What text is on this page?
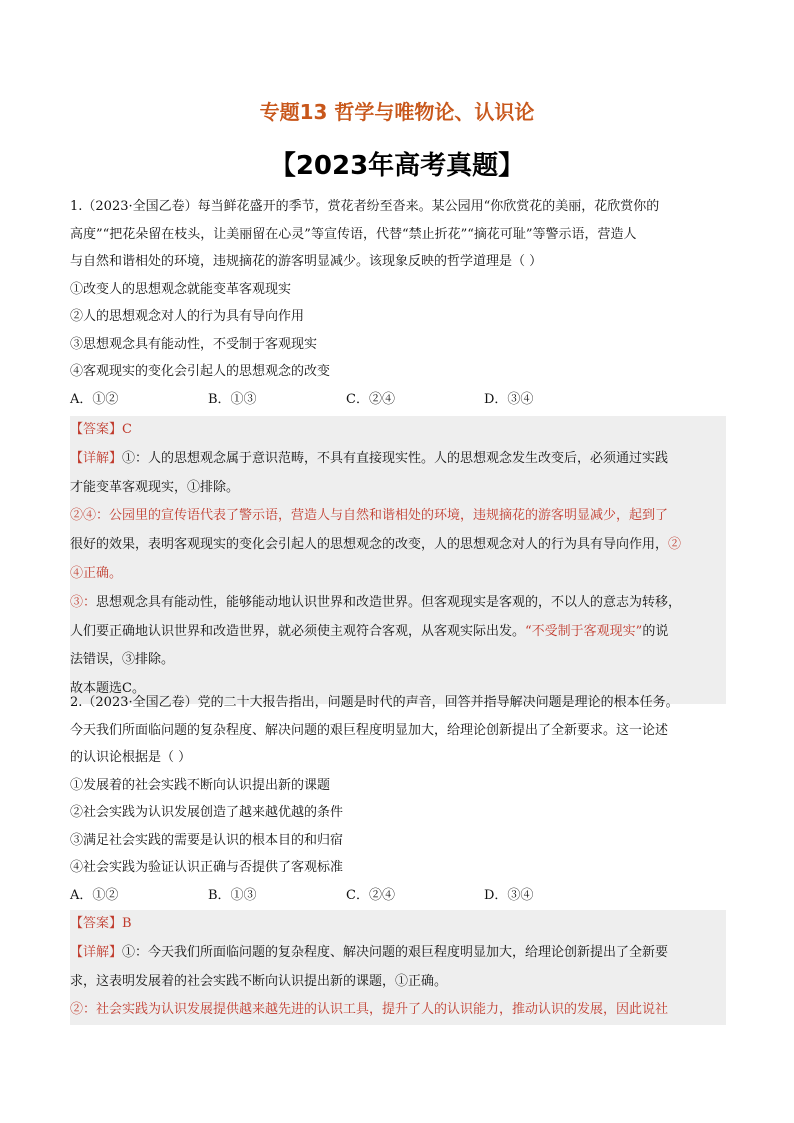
专题13 哲学与唯物论、认识论
【2023年高考真题】
1.（2023·全国乙卷）每当鲜花盛开的季节，赏花者纷至沓来。某公园用“你欣赏花的美丽，花欣赏你的
高度”“把花朵留在枝头，让美丽留在心灵”等宣传语，代替“禁止折花”“摘花可耻”等警示语，营造人
与自然和谐相处的环境，违规摘花的游客明显减少。该现象反映的哲学道理是（ ）
①改变人的思想观念就能变革客观现实
②人的思想观念对人的行为具有导向作用
③思想观念具有能动性，不受制于客观现实
④客观现实的变化会引起人的思想观念的改变
A．①②	B．①③	C．②④	D．③④
【答案】C
【详解】①：人的思想观念属于意识范畴，不具有直接现实性。人的思想观念发生改变后，必须通过实践
才能变革客观现实，①排除。
②④：公园里的宣传语代表了警示语，营造人与自然和谐相处的环境，违规摘花的游客明显减少，起到了
很好的效果，表明客观现实的变化会引起人的思想观念的改变，人的思想观念对人的行为具有导向作用，②
④正确。
③：思想观念具有能动性，能够能动地认识世界和改造世界。但客观现实是客观的，不以人的意志为转移，
人们要正确地认识世界和改造世界，就必须使主观符合客观，从客观实际出发。“不受制于客观现实”的说
法错误，③排除。
故本题选C。
2.（2023·全国乙卷）党的二十大报告指出，问题是时代的声音，回答并指导解决问题是理论的根本任务。
今天我们所面临问题的复杂程度、解决问题的艰巨程度明显加大，给理论创新提出了全新要求。这一论述
的认识论根据是（ ）
①发展着的社会实践不断向认识提出新的课题
②社会实践为认识发展创造了越来越优越的条件
③满足社会实践的需要是认识的根本目的和归宿
④社会实践为验证认识正确与否提供了客观标准
A．①②	B．①③	C．②④	D．③④
【答案】B
【详解】①：今天我们所面临问题的复杂程度、解决问题的艰巨程度明显加大，给理论创新提出了全新要
求，这表明发展着的社会实践不断向认识提出新的课题，①正确。
②：社会实践为认识发展提供越来越先进的认识工具，提升了人的认识能力，推动认识的发展，因此说社
